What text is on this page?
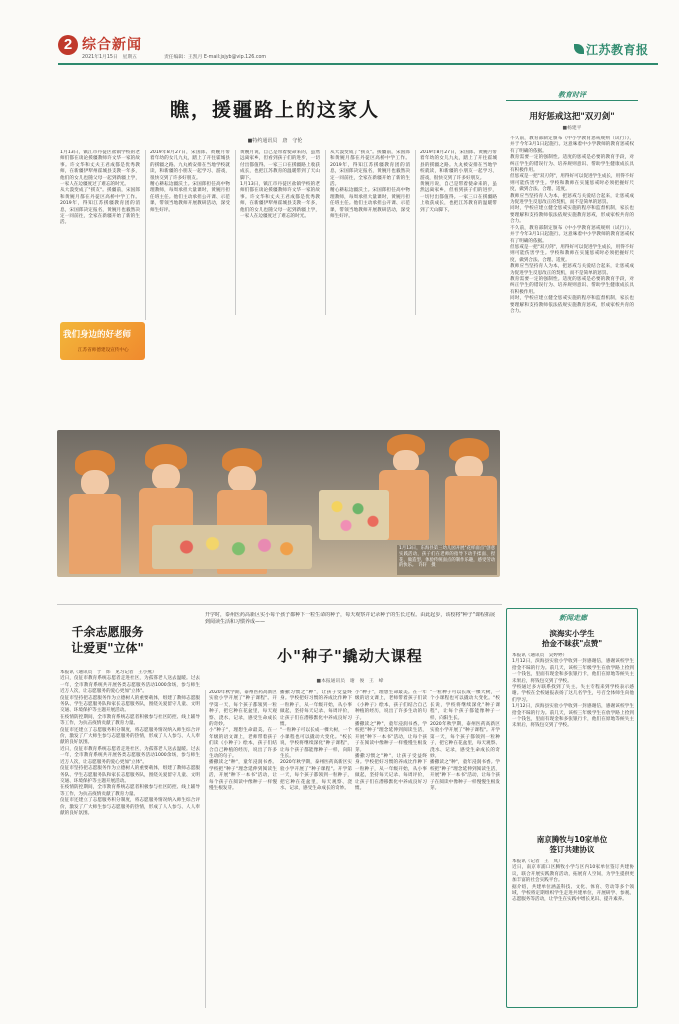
2 综合新闻
2021年1月15日　星期五	责任编辑：王凯月 E-mail:jsjyb@vip.126.com
江苏教育报
瞧，援疆路上的这家人
■特约通讯员　唐　守伦

1月13日，镇江市丹徒区盐镇学校的老师们都在谈论援疆教师许文华一家的故事。许文华和丈夫王君成都是优秀教师，在新疆伊犁州霍城县支教一年多，他们的女儿也随父母一起到新疆上学，一家人在边疆度过了难忘的时光。

从大漠变成了"援友"。援疆前，宋国郎和黄婉月都在丹徒区高桥中学工作。2019年，得知江苏援疆教育团的消息，宋国郎决定报名，黄婉月也毅然决定一同前往，全家在新疆开始了新的生活。

2019年8月27日，宋国郎、黄婉月带着年幼的女儿九丸，踏上了开往霍城县的援疆之路。九丸被安排在当地学校就读，和新疆的小朋友一起学习、游戏，很快交到了许多好朋友。

精心耕耘边疆沃土。宋国郎担任高中物理教师，每周承担大量课时，黄婉月担任班主任。他们主动承担公开课、示范课，带领当地教师开展教研活动，深受师生好评。

黄婉月说，自己是带着使命来的，虽然远离家乡，但看到孩子们的进步，一切付出都值得。一家三口在援疆路上收获成长，也把江苏教育的温暖带到了天山脚下。

1月13日，镇江市丹徒区盐镇学校的老师们都在谈论援疆教师许文华一家的故事。许文华和丈夫王君成都是优秀教师，在新疆伊犁州霍城县支教一年多，他们的女儿也随父母一起到新疆上学，一家人在边疆度过了难忘的时光。

从大漠变成了"援友"。援疆前，宋国郎和黄婉月都在丹徒区高桥中学工作。2019年，得知江苏援疆教育团的消息，宋国郎决定报名，黄婉月也毅然决定一同前往，全家在新疆开始了新的生活。

精心耕耘边疆沃土。宋国郎担任高中物理教师，每周承担大量课时，黄婉月担任班主任。他们主动承担公开课、示范课，带领当地教师开展教研活动，深受师生好评。

2019年8月27日，宋国郎、黄婉月带着年幼的女儿九丸，踏上了开往霍城县的援疆之路。九丸被安排在当地学校就读，和新疆的小朋友一起学习、游戏，很快交到了许多好朋友。

黄婉月说，自己是带着使命来的，虽然远离家乡，但看到孩子们的进步，一切付出都值得。一家三口在援疆路上收获成长，也把江苏教育的温暖带到了天山脚下。

我们身边的好老师
江苏省师德建设宣传中心
1月13日，东海县第三幼儿园开展"花样面点"创意实践活动，孩子们在老师的指导下动手揉面、捏花、做造型，体验传统面点的制作乐趣，感受劳动的快乐。　许轩　摄
教育时评
用好惩戒这把"双刃剑"
■杨建平

不久前，教育部制定颁布《中小学教育惩戒规则（试行）》，并于今年3月1日起施行。这意味着中小学教师的教育惩戒权有了明确的依据。

教育需要一定的强制性。适度的惩戒是必要的教育手段，对纠正学生的错误行为、培养规则意识、帮助学生健康成长具有积极作用。

但惩戒是一把"双刃剑"，用得好可以促进学生成长，用得不好则可能伤害学生。学校和教师在实施惩戒时必须把握好尺度，做到合法、合理、适度。

教师应当坚持育人为本，把惩戒与关爱结合起来，让惩戒成为促进学生反思改正的契机，而不是简单的惩罚。

同时，学校应建立健全惩戒实施的程序和监督机制，家长也要理解和支持教师依法依规实施教育惩戒，形成家校共育的合力。

不久前，教育部制定颁布《中小学教育惩戒规则（试行）》，并于今年3月1日起施行。这意味着中小学教师的教育惩戒权有了明确的依据。

但惩戒是一把"双刃剑"，用得好可以促进学生成长，用得不好则可能伤害学生。学校和教师在实施惩戒时必须把握好尺度，做到合法、合理、适度。

教师应当坚持育人为本，把惩戒与关爱结合起来，让惩戒成为促进学生反思改正的契机，而不是简单的惩罚。

教育需要一定的强制性。适度的惩戒是必要的教育手段，对纠正学生的错误行为、培养规则意识、帮助学生健康成长具有积极作用。

同时，学校应建立健全惩戒实施的程序和监督机制，家长也要理解和支持教师依法依规实施教育惩戒，形成家校共育的合力。

千余志愿服务
让爱更"立体"

本报讯（通讯员　于　炜　见习记者　王小燕）

近日，仪征市教育系统志愿者走进社区，为孤寡老人送去温暖。过去一年，全市教育系统共开展各类志愿服务活动1000余场，参与师生近万人次，让志愿服务的爱心更加"立体"。

仪征市坚持把志愿服务作为立德树人的重要载体，组建了教师志愿服务队、学生志愿服务队和家长志愿服务队，围绕关爱留守儿童、文明交通、环境保护等主题开展活动。

在疫情防控期间，全市教育系统志愿者积极参与社区防控、线上辅导等工作，为抗击疫情贡献了教育力量。

仪征市还建立了志愿服务积分制度，将志愿服务情况纳入师生综合评价，激发了广大师生参与志愿服务的热情，形成了人人参与、人人奉献的良好氛围。

近日，仪征市教育系统志愿者走进社区，为孤寡老人送去温暖。过去一年，全市教育系统共开展各类志愿服务活动1000余场，参与师生近万人次，让志愿服务的爱心更加"立体"。

仪征市坚持把志愿服务作为立德树人的重要载体，组建了教师志愿服务队、学生志愿服务队和家长志愿服务队，围绕关爱留守儿童、文明交通、环境保护等主题开展活动。

在疫情防控期间，全市教育系统志愿者积极参与社区防控、线上辅导等工作，为抗击疫情贡献了教育力量。

仪征市还建立了志愿服务积分制度，将志愿服务情况纳入师生综合评价，激发了广大师生参与志愿服务的热情，形成了人人参与、人人奉献的良好氛围。

开学时，泰州医药高新区实小每个孩子都种下一粒生命的种子，每天观察并记录种子的生长过程。由此起步，该校将"种子"课程拓展到阅读生活和习惯养成——
小"种子"撬动大课程
■本报通讯员　谢　俊　王　峰

2020年秋学期，泰州医药高新区实验小学开展了"种子课程"。开学第一天，每个孩子都领到一粒种子，把它种在花盆里，每天观察、浇水、记录，感受生命成长的奇妙。

小"种子"，理想生命最美。在一年级的语文课上，老师带着孩子们读《小种子》绘本，孩子们结合自己种植的经历，说出了许多生动的句子。

播撒读之"种"，童年浸润书香。学校把"种子"理念延伸到阅读生活，开展"种下一本书"活动，让每个孩子在阅读中像种子一样慢慢生根发芽。

播撒习惯之"种"，让孩子受益终身。学校把好习惯的养成比作种下一粒种子，从一年级开始，从小事做起，坚持每天记录、每周评价，让孩子们在潜移默化中养成良好习惯。

"一粒种子可以长成一棵大树，一个小课程也可以撬动大变化。"校长说，学校将继续深化"种子课程"，让每个孩子都能像种子一样，向阳生长。

2020年秋学期，泰州医药高新区实验小学开展了"种子课程"。开学第一天，每个孩子都领到一粒种子，把它种在花盆里，每天观察、浇水、记录，感受生命成长的奇妙。

小"种子"，理想生命最美。在一年级的语文课上，老师带着孩子们读《小种子》绘本，孩子们结合自己种植的经历，说出了许多生动的句子。

播撒读之"种"，童年浸润书香。学校把"种子"理念延伸到阅读生活，开展"种下一本书"活动，让每个孩子在阅读中像种子一样慢慢生根发芽。

播撒习惯之"种"，让孩子受益终身。学校把好习惯的养成比作种下一粒种子，从一年级开始，从小事做起，坚持每天记录、每周评价，让孩子们在潜移默化中养成良好习惯。

"一粒种子可以长成一棵大树，一个小课程也可以撬动大变化。"校长说，学校将继续深化"种子课程"，让每个孩子都能像种子一样，向阳生长。

2020年秋学期，泰州医药高新区实验小学开展了"种子课程"。开学第一天，每个孩子都领到一粒种子，把它种在花盆里，每天观察、浇水、记录，感受生命成长的奇妙。

播撒读之"种"，童年浸润书香。学校把"种子"理念延伸到阅读生活，开展"种下一本书"活动，让每个孩子在阅读中像种子一样慢慢生根发芽。

新闻走廊
滨海实小学生
拾金不昧获"点赞"

本报讯（通讯员　吴婷婷）

1月12日，滨海县实验小学收到一封感谢信，感谢该校学生拾金不昧的行为。前几天，该校三年级学生在放学路上捡到一个钱包，里面有现金和多张银行卡，他们在原地等候失主未果后，将钱包交到了学校。

学校通过多方联系找到了失主。失主专程来到学校表示感谢。学校在全校通报表扬了这几名学生，号召全体师生向他们学习。

1月12日，滨海县实验小学收到一封感谢信，感谢该校学生拾金不昧的行为。前几天，该校三年级学生在放学路上捡到一个钱包，里面有现金和多张银行卡，他们在原地等候失主未果后，将钱包交到了学校。

南京腾牧与10家单位
签订共建协议

本报讯（记者　王　岚）

近日，南京市浦口区腾牧小学与区内10家单位签订共建协议，联合开展实践教育活动，拓展育人空间，为学生提供更加丰富的社会实践平台。

据介绍，共建单位涵盖科技、文化、体育、劳动等多个领域，学校将定期组织学生走进共建单位，开展研学、参观、志愿服务等活动，让学生在实践中增长见识、提升素养。
